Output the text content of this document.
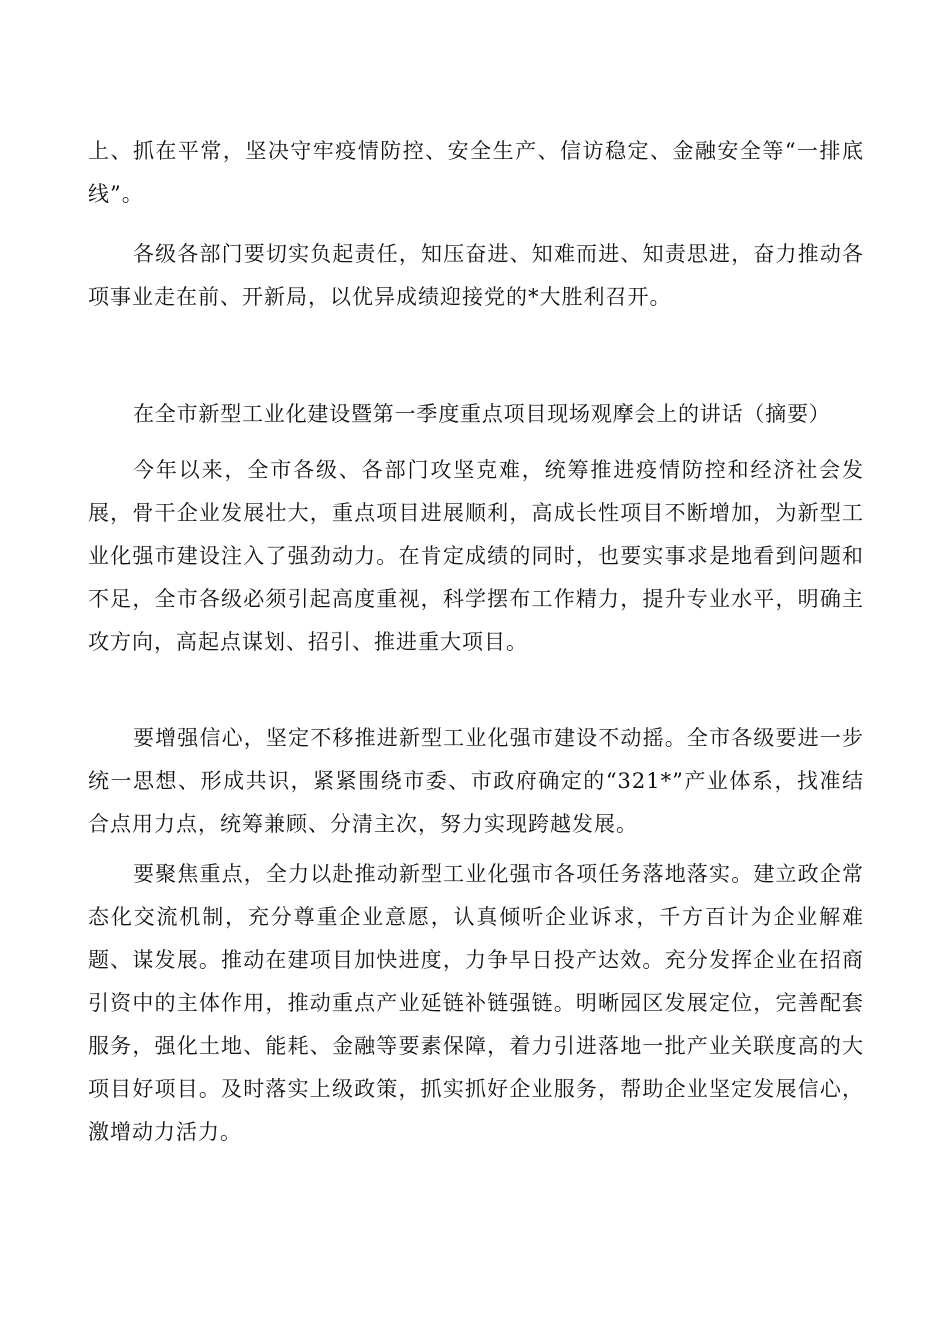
上、抓在平常，坚决守牢疫情防控、安全生产、信访稳定、金融安全等“一排底线”。

各级各部门要切实负起责任，知压奋进、知难而进、知责思进，奋力推动各项事业走在前、开新局，以优异成绩迎接党的*大胜利召开。

在全市新型工业化建设暨第一季度重点项目现场观摩会上的讲话（摘要）

今年以来，全市各级、各部门攻坚克难，统筹推进疫情防控和经济社会发展，骨干企业发展壮大，重点项目进展顺利，高成长性项目不断增加，为新型工业化强市建设注入了强劲动力。在肯定成绩的同时，也要实事求是地看到问题和不足，全市各级必须引起高度重视，科学摆布工作精力，提升专业水平，明确主攻方向，高起点谋划、招引、推进重大项目。

要增强信心，坚定不移推进新型工业化强市建设不动摇。全市各级要进一步统一思想、形成共识，紧紧围绕市委、市政府确定的“321*”产业体系，找准结合点用力点，统筹兼顾、分清主次，努力实现跨越发展。

要聚焦重点，全力以赴推动新型工业化强市各项任务落地落实。建立政企常态化交流机制，充分尊重企业意愿，认真倾听企业诉求，千方百计为企业解难题、谋发展。推动在建项目加快进度，力争早日投产达效。充分发挥企业在招商引资中的主体作用，推动重点产业延链补链强链。明晰园区发展定位，完善配套服务，强化土地、能耗、金融等要素保障，着力引进落地一批产业关联度高的大项目好项目。及时落实上级政策，抓实抓好企业服务，帮助企业坚定发展信心，激增动力活力。
